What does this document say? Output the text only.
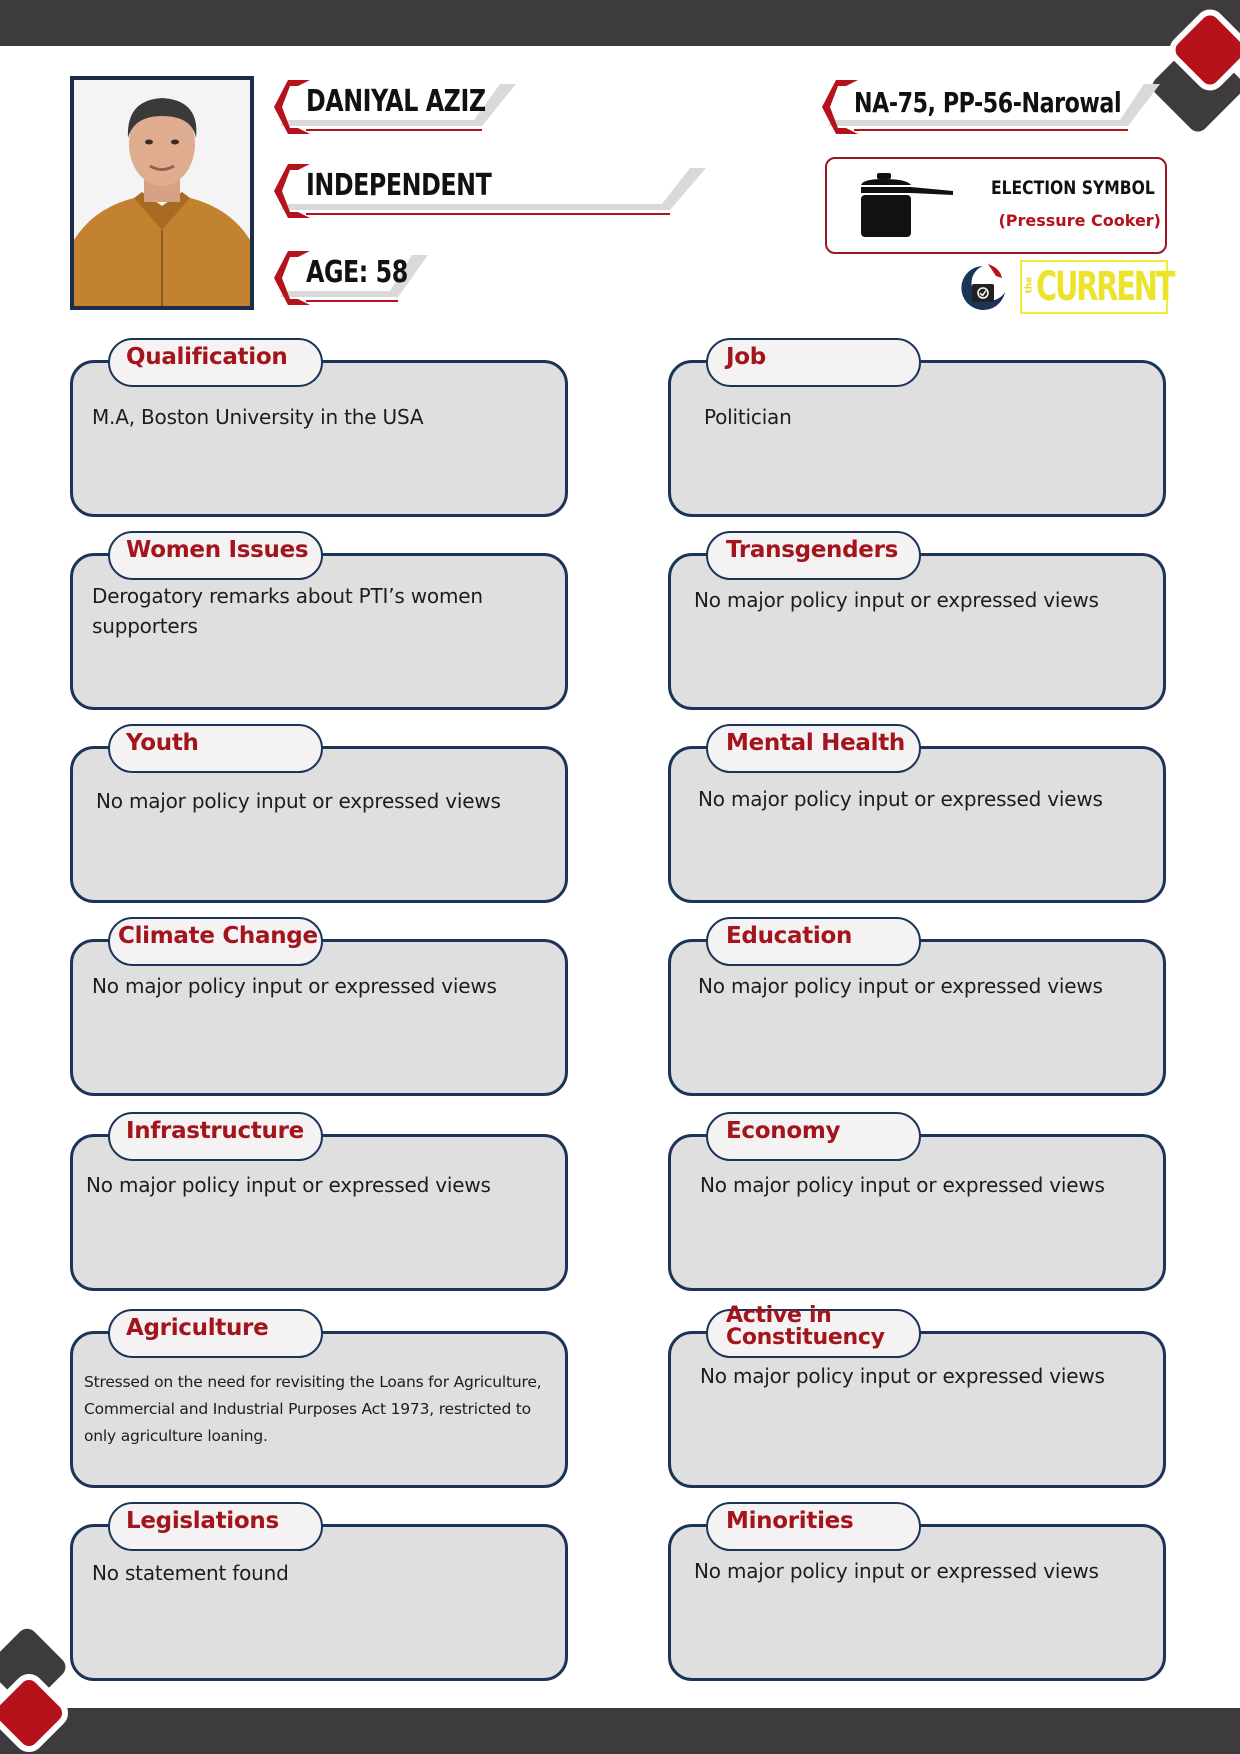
DANIYAL AZIZ
INDEPENDENT
AGE: 58
NA-75, PP-56-Narowal
ELECTION SYMBOL
(Pressure Cooker)
the CURRENT
Qualification
M.A, Boston University in the USA
Job
Politician
Women Issues
Derogatory remarks about PTI’s women supporters
Transgenders
No major policy input or expressed views
Youth
No major policy input or expressed views
Mental Health
No major policy input or expressed views
Climate Change
No major policy input or expressed views
Education
No major policy input or expressed views
Infrastructure
No major policy input or expressed views
Economy
No major policy input or expressed views
Agriculture
Stressed on the need for revisiting the Loans for Agriculture, Commercial and Industrial Purposes Act 1973, restricted to only agriculture loaning.
Active in Constituency
No major policy input or expressed views
Legislations
No statement found
Minorities
No major policy input or expressed views
